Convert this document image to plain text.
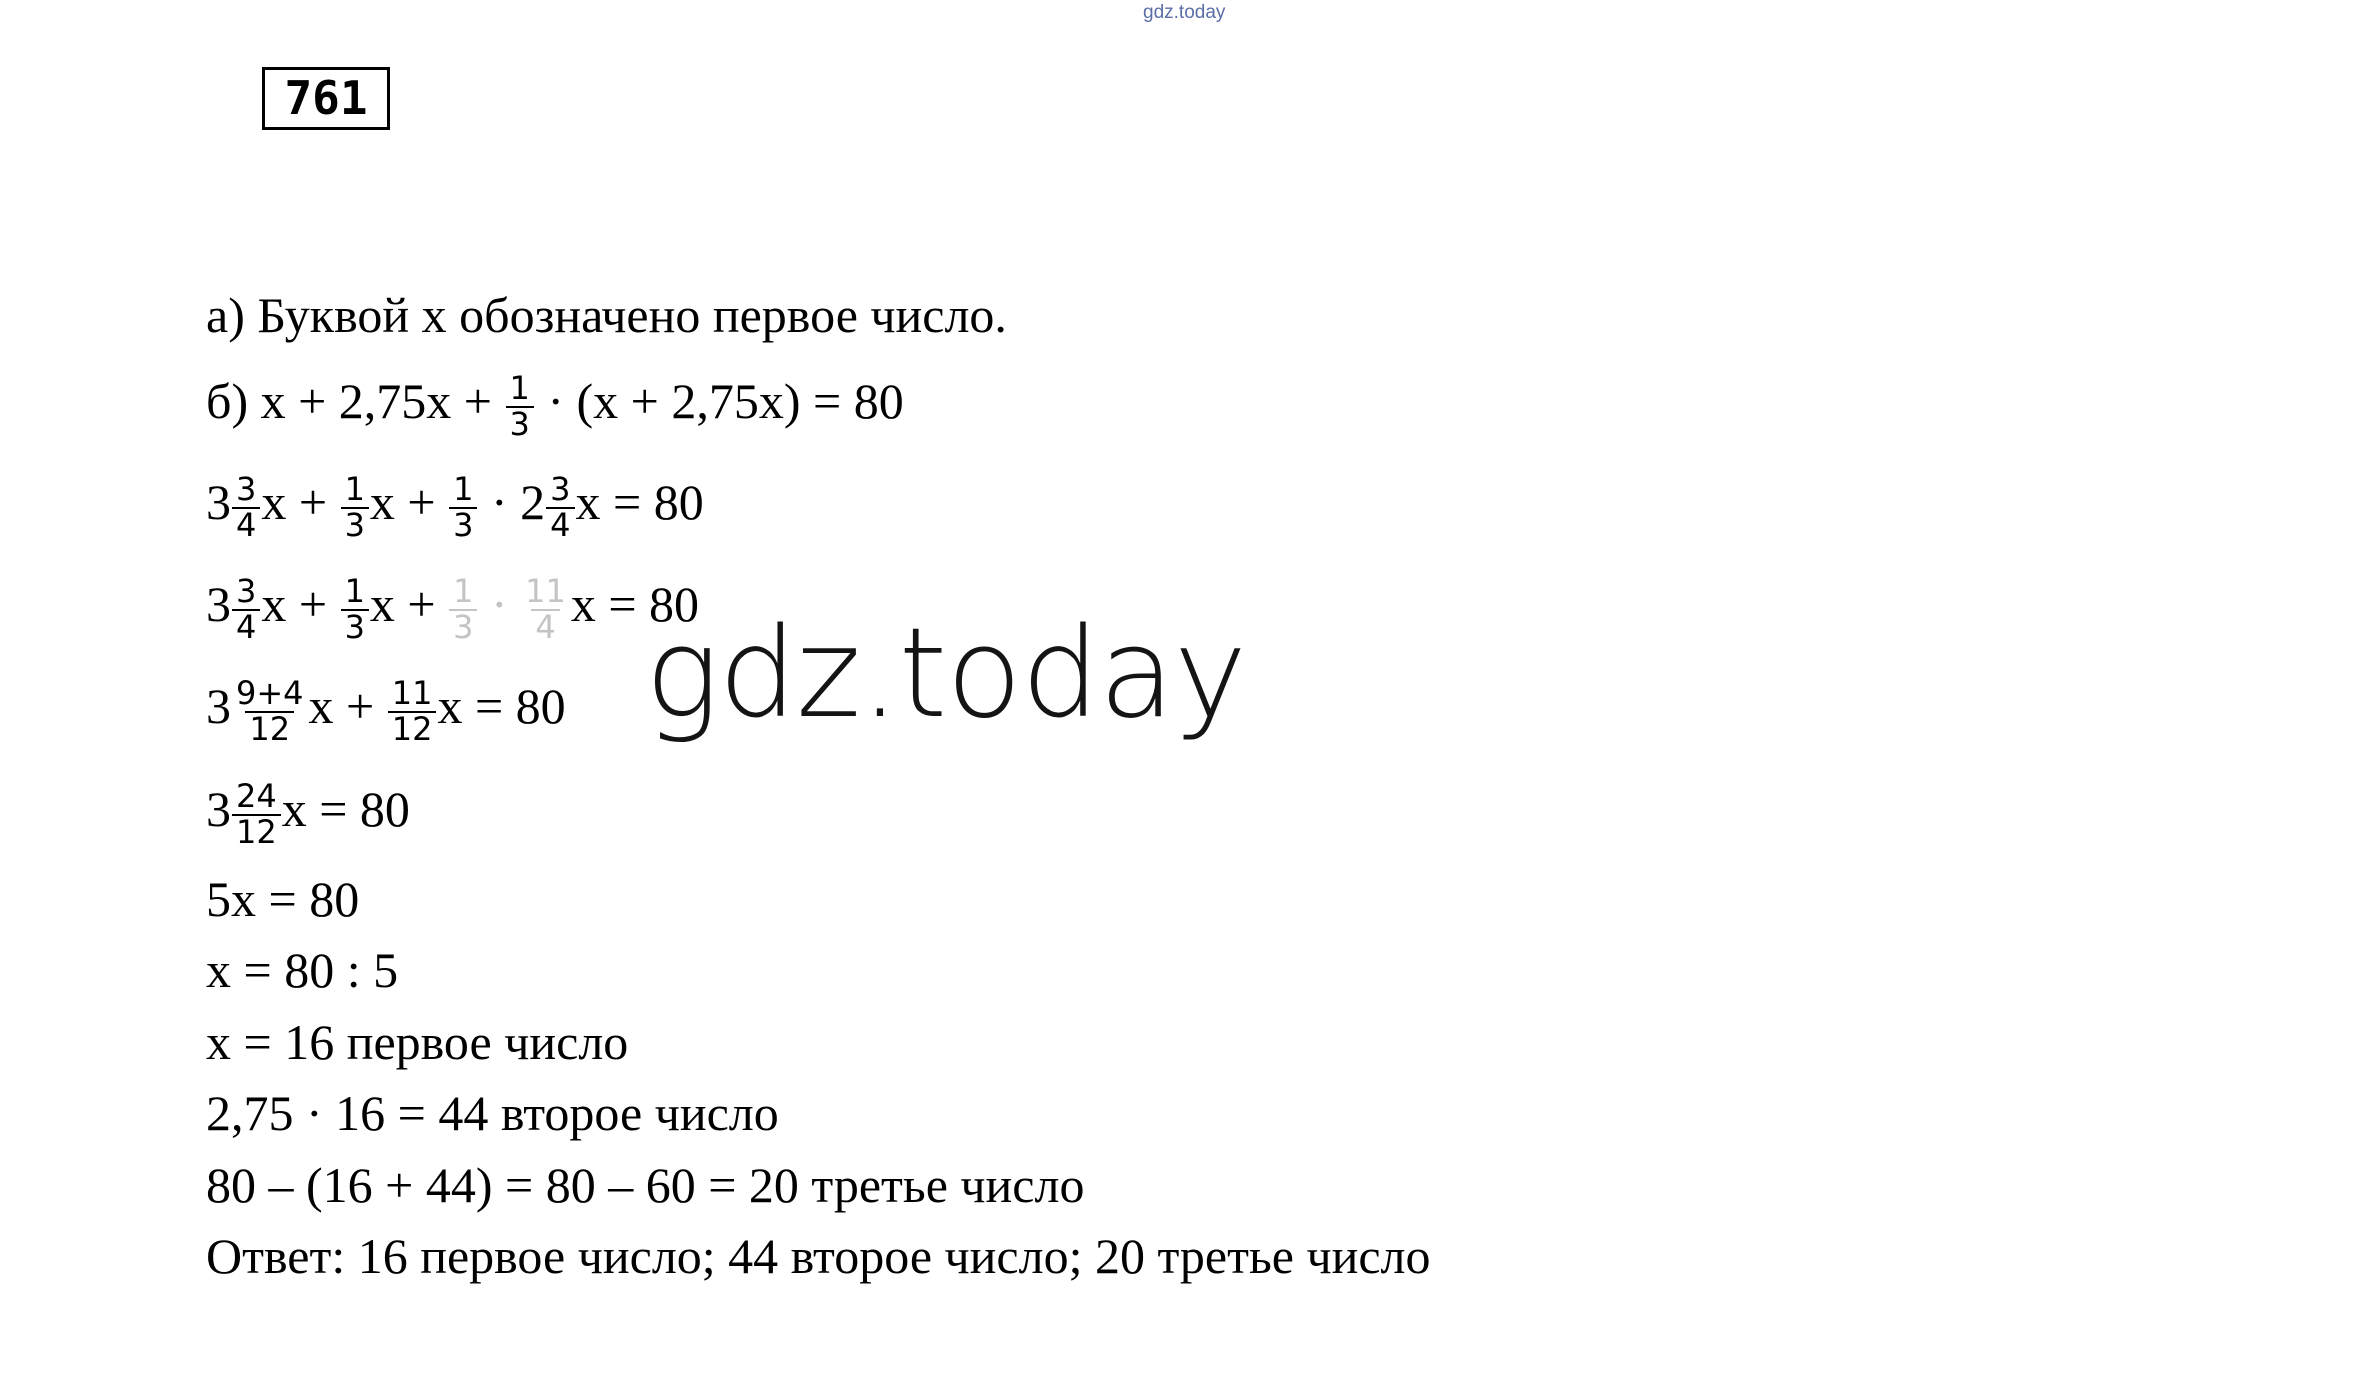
gdz.today
761
а) Буквой х обозначено первое число.
б) $х + 2,75х + \frac{1}{3} \cdot (х + 2,75х) = 80$
$3 \frac{3}{4}$ $х + \frac{1}{3}$ $х + \frac{1}{3} \cdot 2 \frac{3}{4}$ х = 80
$3 \frac{3}{4}$ $х + \frac{1}{3}$ $х + \frac{1}{3} \cdot \frac{11}{4}$ х = 80
$3 \frac{9+4}{12}$ $х + \frac{11}{12}$ х = 80
$3 \frac{24}{12}$ х = 80
5х = 80
х = 80 : 5
х = 16 первое число
2,75 · 16 = 44 второе число
80 – (16 + 44) = 80 – 60 = 20 третье число
Ответ: 16 первое число; 44 второе число; 20 третье число
gdz.today
